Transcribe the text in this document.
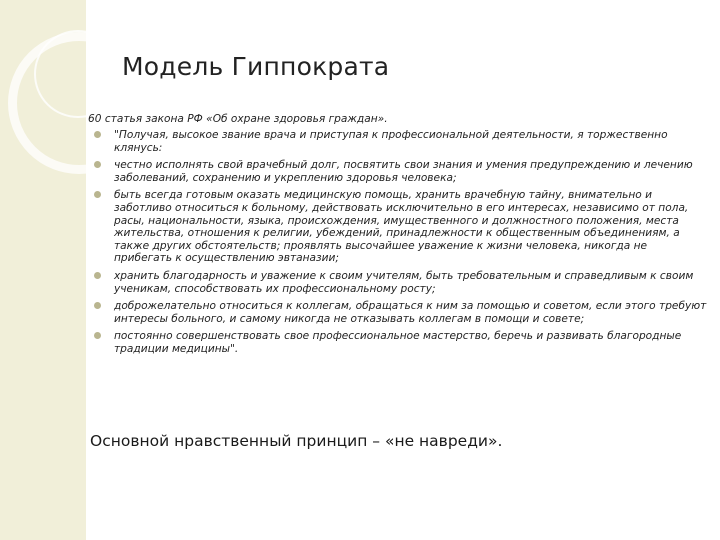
Модель Гиппократа
60 статья закона РФ «Об охране здоровья граждан».
"Получая, высокое звание врача и приступая к профессиональной деятельности, я торжественно клянусь:
честно исполнять свой врачебный долг, посвятить свои знания и умения предупреждению и лечению заболеваний, сохранению и укреплению здоровья человека;
быть всегда готовым оказать медицинскую помощь, хранить врачебную тайну, внимательно и заботливо относиться к больному, действовать исключительно в его интересах, независимо от пола, расы, национальности, языка, происхождения, имущественного и должностного положения, места жительства, отношения к религии, убеждений, принадлежности к общественным объединениям, а также других обстоятельств; проявлять высочайшее уважение к жизни человека, никогда не прибегать к осуществлению эвтаназии;
хранить благодарность и уважение к своим учителям, быть требовательным и справедливым к своим ученикам, способствовать их профессиональному росту;
доброжелательно относиться к коллегам, обращаться к ним за помощью и советом, если этого требуют интересы больного, и самому никогда не отказывать коллегам в помощи и совете;
постоянно совершенствовать свое профессиональное мастерство, беречь и развивать благородные традиции медицины".
Основной нравственный принцип – «не навреди».
